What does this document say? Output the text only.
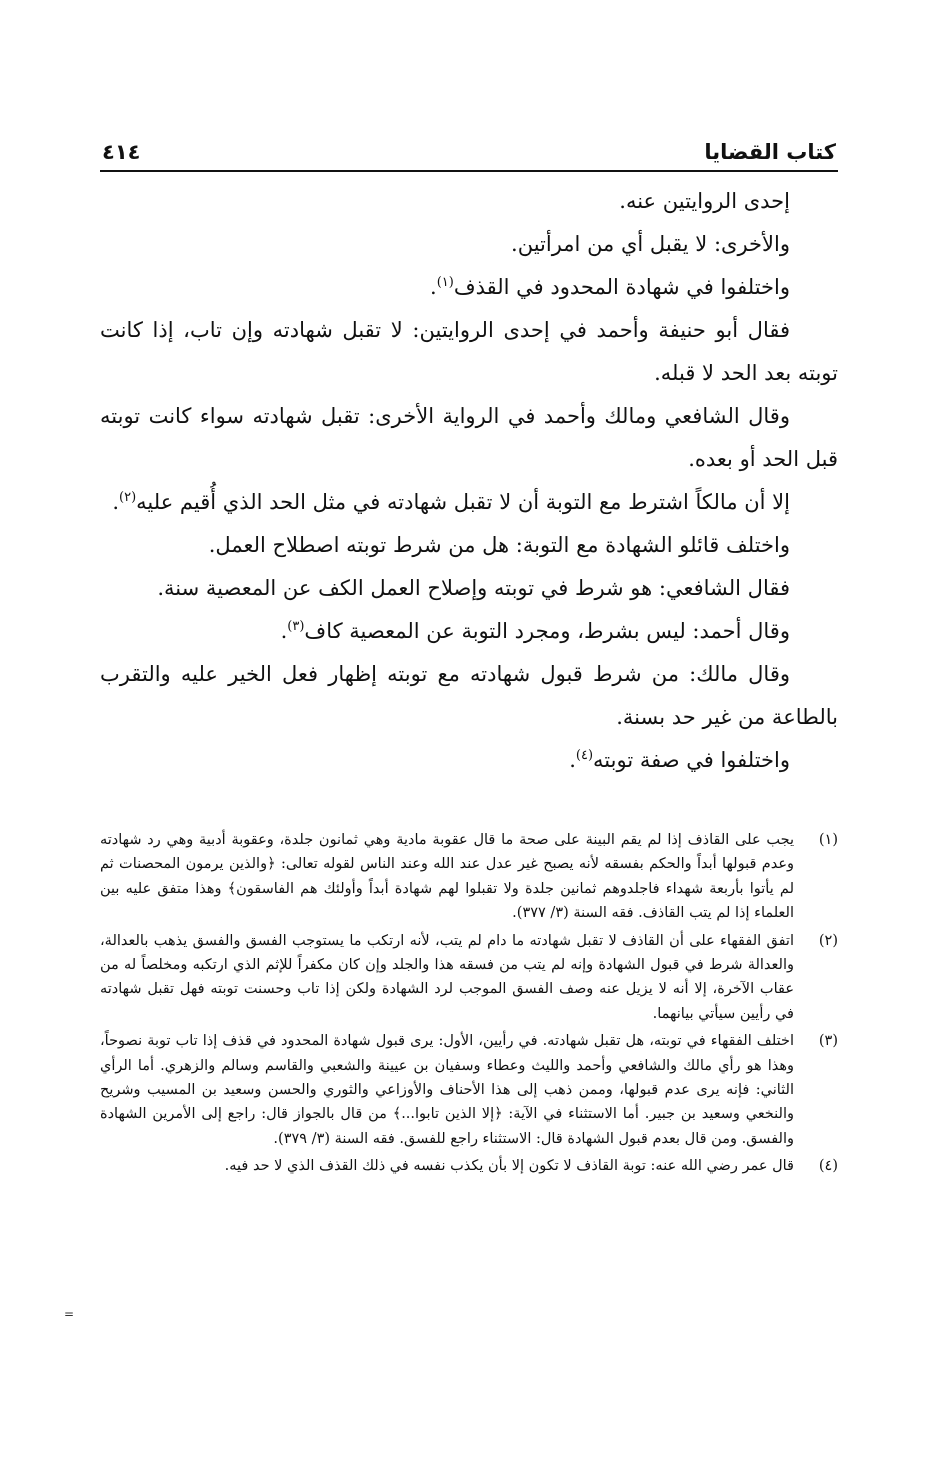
كتاب القضايا
٤١٤

إحدى الروايتين عنه.

والأخرى: لا يقبل أي من امرأتين.

واختلفوا في شهادة المحدود في القذف$^{(١)}$.

فقال أبو حنيفة وأحمد في إحدى الروايتين: لا تقبل شهادته وإن تاب، إذا كانت توبته بعد الحد لا قبله.

وقال الشافعي ومالك وأحمد في الرواية الأخرى: تقبل شهادته سواء كانت توبته قبل الحد أو بعده.

إلا أن مالكاً اشترط مع التوبة أن لا تقبل شهادته في مثل الحد الذي أُقيم عليه$^{(٢)}$.

واختلف قائلو الشهادة مع التوبة: هل من شرط توبته اصطلاح العمل.

فقال الشافعي: هو شرط في توبته وإصلاح العمل الكف عن المعصية سنة.

وقال أحمد: ليس بشرط، ومجرد التوبة عن المعصية كاف$^{(٣)}$.

وقال مالك: من شرط قبول شهادته مع توبته إظهار فعل الخير عليه والتقرب بالطاعة من غير حد بسنة.

واختلفوا في صفة توبته$^{(٤)}$.

(١)
يجب على القاذف إذا لم يقم البينة على صحة ما قال عقوبة مادية وهي ثمانون جلدة، وعقوبة أدبية وهي رد شهادته وعدم قبولها أبداً والحكم بفسقه لأنه يصبح غير عدل عند الله وعند الناس لقوله تعالى: ﴿والذين يرمون المحصنات ثم لم يأتوا بأربعة شهداء فاجلدوهم ثمانين جلدة ولا تقبلوا لهم شهادة أبداً وأولئك هم الفاسقون﴾ وهذا متفق عليه بين العلماء إذا لم يتب القاذف. فقه السنة (٣/ ٣٧٧).
(٢)
اتفق الفقهاء على أن القاذف لا تقبل شهادته ما دام لم يتب، لأنه ارتكب ما يستوجب الفسق والفسق يذهب بالعدالة، والعدالة شرط في قبول الشهادة وإنه لم يتب من فسقه هذا والجلد وإن كان مكفراً للإثم الذي ارتكبه ومخلصاً له من عقاب الآخرة، إلا أنه لا يزيل عنه وصف الفسق الموجب لرد الشهادة ولكن إذا تاب وحسنت توبته فهل تقبل شهادته في رأيين سيأتي بيانهما.
(٣)
اختلف الفقهاء في توبته، هل تقبل شهادته. في رأيين، الأول: يرى قبول شهادة المحدود في قذف إذا تاب توبة نصوحاً، وهذا هو رأي مالك والشافعي وأحمد والليث وعطاء وسفيان بن عيينة والشعبي والقاسم وسالم والزهري. أما الرأي الثاني: فإنه يرى عدم قبولها، وممن ذهب إلى هذا الأحناف والأوزاعي والثوري والحسن وسعيد بن المسيب وشريح والنخعي وسعيد بن جبير. أما الاستثناء في الآية: ﴿إلا الذين تابوا...﴾ من قال بالجواز قال: راجع إلى الأمرين الشهادة والفسق. ومن قال بعدم قبول الشهادة قال: الاستثناء راجع للفسق. فقه السنة (٣/ ٣٧٩).
(٤)
قال عمر رضي الله عنه: توبة القاذف لا تكون إلا بأن يكذب نفسه في ذلك القذف الذي لا حد فيه.
=
